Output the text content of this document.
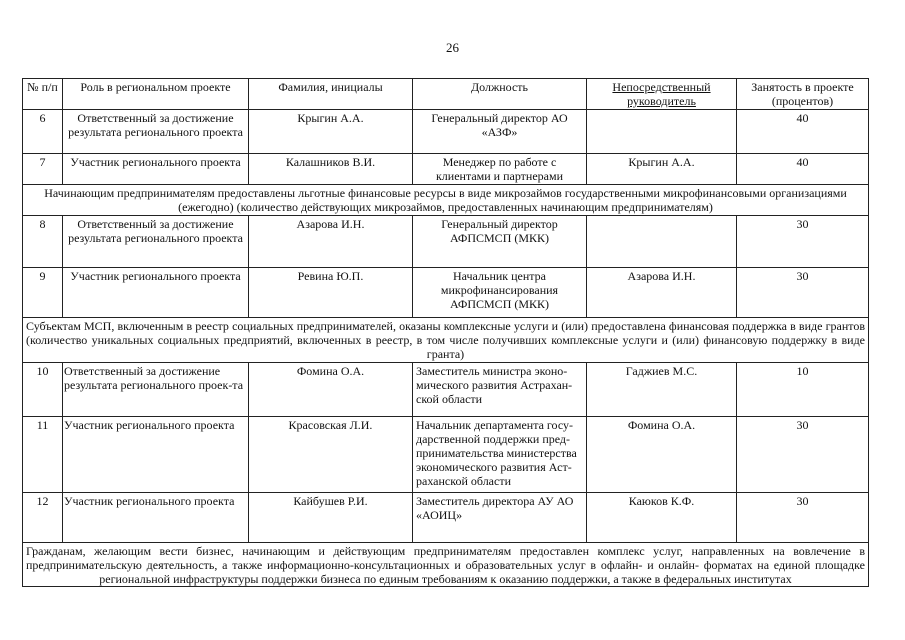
26
№ п/п	Роль в региональном проекте	Фамилия, инициалы	Должность	Непосредственный руководитель	Занятость в проекте (процентов)
6	Ответственный за достижение результата регионального проекта	Крыгин А.А.	Генеральный директор АО «АЗФ»		40
7	Участник регионального проекта	Калашников В.И.	Менеджер по работе с клиентами и партнерами	Крыгин А.А.	40
Начинающим предпринимателям предоставлены льготные финансовые ресурсы в виде микрозаймов государственными микрофинансовыми организациями (ежегодно) (количество действующих микрозаймов, предоставленных начинающим предпринимателям)					
8	Ответственный за достижение результата регионального проекта	Азарова И.Н.	Генеральный директор АФПСМСП (МКК)		30
9	Участник регионального проекта	Ревина Ю.П.	Начальник центра микрофинансирования АФПСМСП (МКК)	Азарова И.Н.	30
Субъектам МСП, включенным в реестр социальных предпринимателей, оказаны комплексные услуги и (или) предоставлена финансовая поддержка в виде грантов (количество уникальных социальных предприятий, включенных в реестр, в том числе получивших комплексные услуги и (или) финансовую поддержку в виде гранта)					
10	Ответственный за достижение результата регионального проек-та	Фомина О.А.	Заместитель министра эконо-мического развития Астрахан-ской области	Гаджиев М.С.	10
11	Участник регионального проекта	Красовская Л.И.	Начальник департамента госу-дарственной поддержки пред-принимательства министерства экономического развития Аст-раханской области	Фомина О.А.	30
12	Участник регионального проекта	Кайбушев Р.И.	Заместитель директора АУ АО «АОИЦ»	Каюков К.Ф.	30
Гражданам, желающим вести бизнес, начинающим и действующим предпринимателям предоставлен комплекс услуг, направленных на вовлечение в предпринимательскую деятельность, а также информационно-консультационных и образовательных услуг в офлайн- и онлайн- форматах на единой площадке региональной инфраструктуры поддержки бизнеса по единым требованиям к оказанию поддержки, а также в федеральных институтах					
